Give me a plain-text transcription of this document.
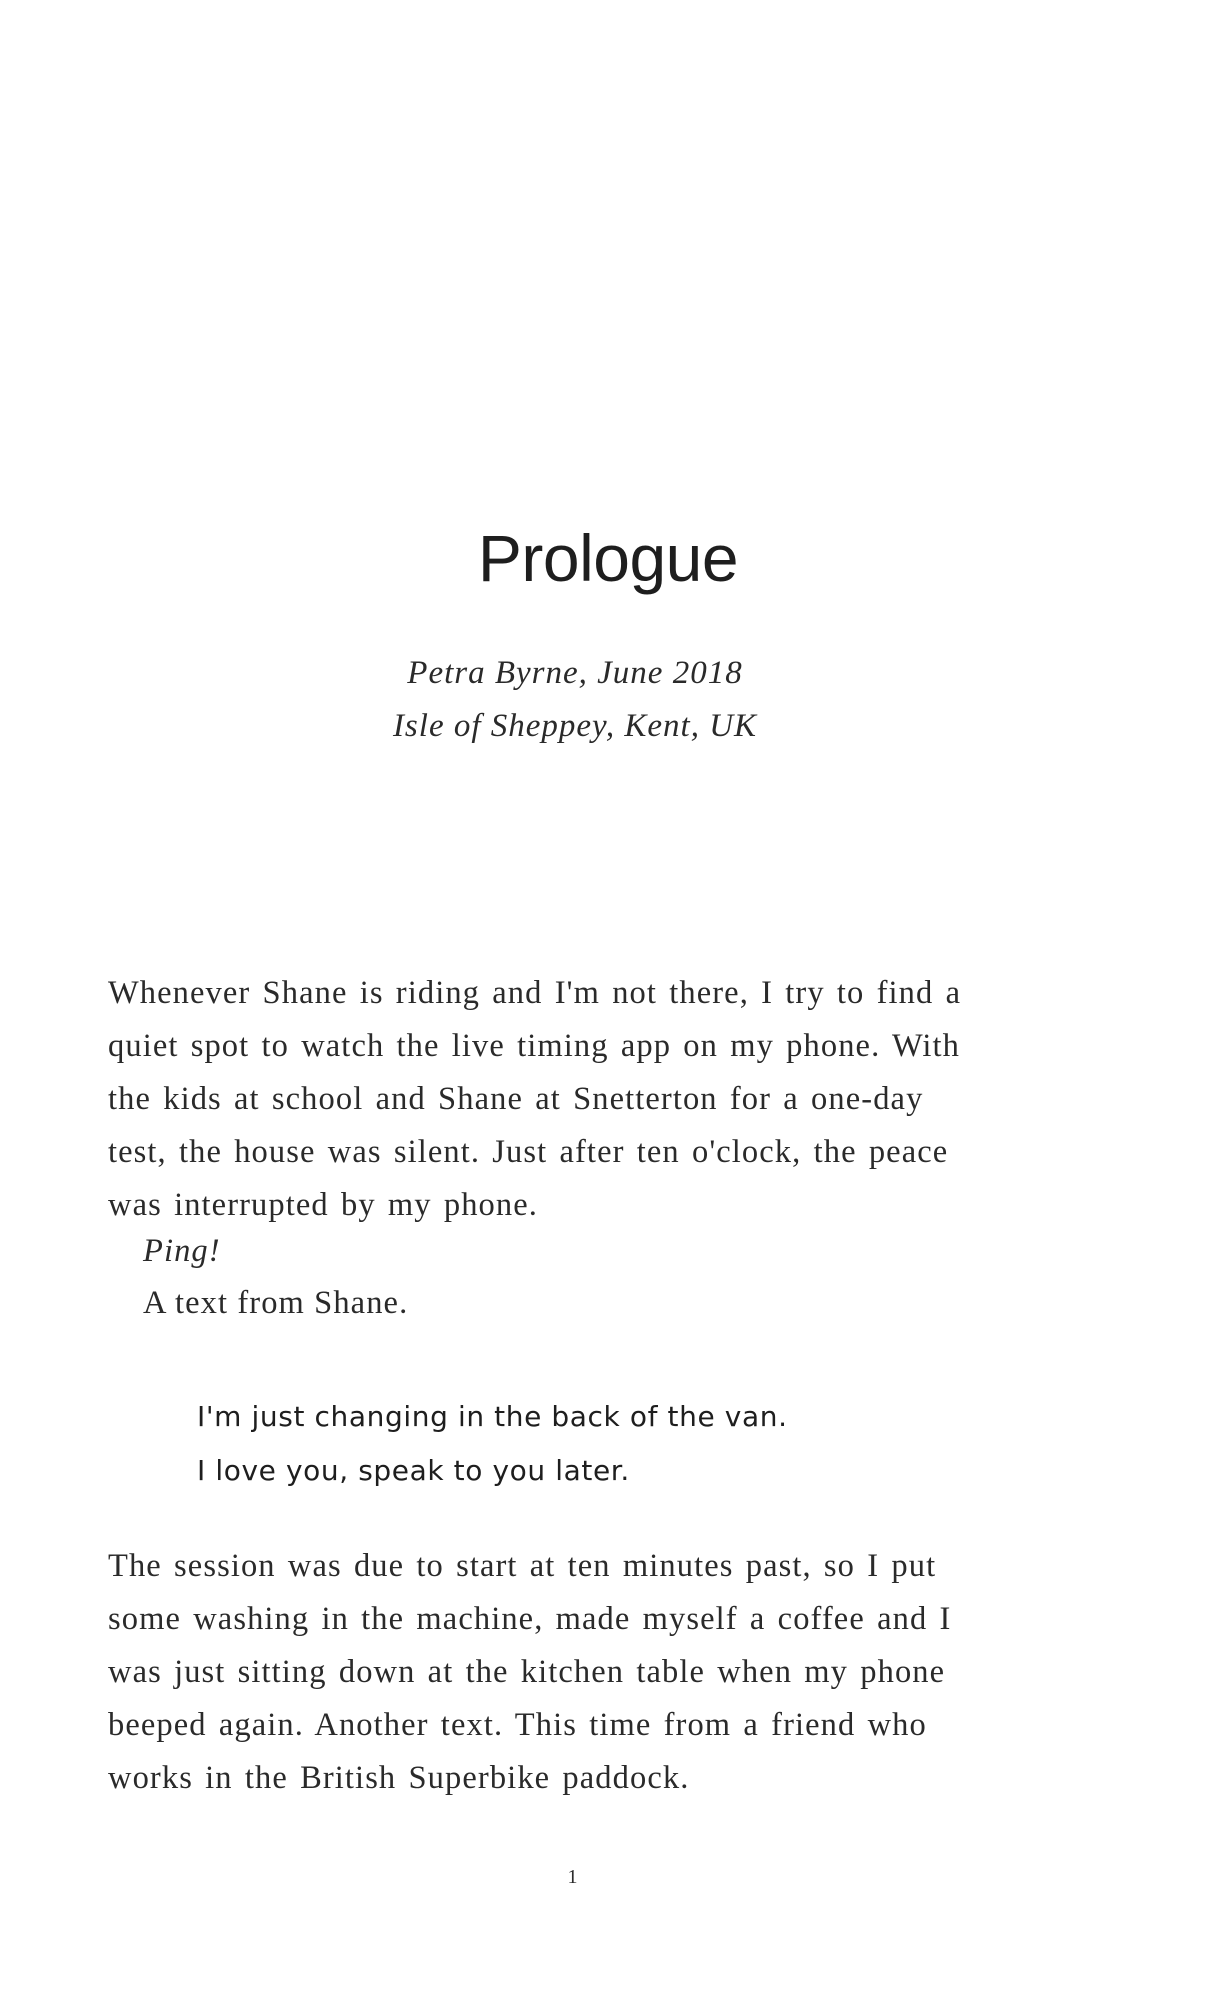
Prologue
Petra Byrne, June 2018
Isle of Sheppey, Kent, UK
Whenever Shane is riding and I'm not there, I try to find a
quiet spot to watch the live timing app on my phone. With
the kids at school and Shane at Snetterton for a one-day
test, the house was silent. Just after ten o'clock, the peace
was interrupted by my phone.
Ping!
A text from Shane.
I'm just changing in the back of the van.
I love you, speak to you later.
The session was due to start at ten minutes past, so I put
some washing in the machine, made myself a coffee and I
was just sitting down at the kitchen table when my phone
beeped again. Another text. This time from a friend who
works in the British Superbike paddock.
1
